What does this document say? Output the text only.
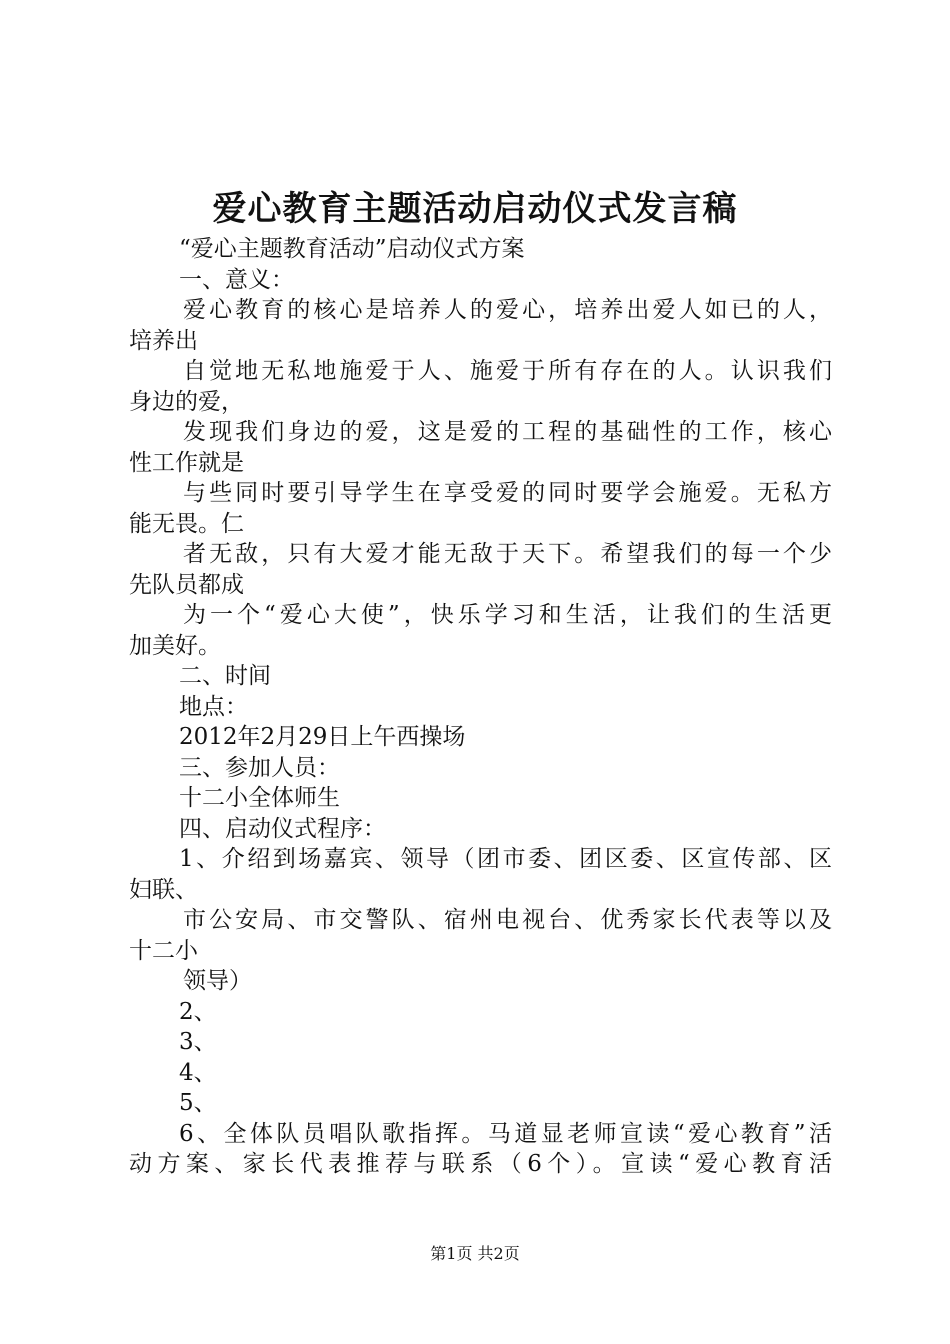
爱心教育主题活动启动仪式发言稿
“爱心主题教育活动”启动仪式方案
一、意义：
爱心教育的核心是培养人的爱心，培养出爱人如已的人，
培养出
自觉地无私地施爱于人、施爱于所有存在的人。认识我们
身边的爱，
发现我们身边的爱，这是爱的工程的基础性的工作，核心
性工作就是
与些同时要引导学生在享受爱的同时要学会施爱。无私方
能无畏。仁
者无敌，只有大爱才能无敌于天下。希望我们的每一个少
先队员都成
为一个“爱心大使”，快乐学习和生活，让我们的生活更
加美好。
二、时间
地点：
2012年2月29日上午西操场
三、参加人员：
十二小全体师生
四、启动仪式程序：
1、介绍到场嘉宾、领导（团市委、团区委、区宣传部、区
妇联、
市公安局、市交警队、宿州电视台、优秀家长代表等以及
十二小
领导）
2、
3、
4、
5、
6、全体队员唱队歌指挥。马道显老师宣读“爱心教育”活
动方案、家长代表推荐与联系（6个）。宣读“爱心教育活
第1页 共2页
